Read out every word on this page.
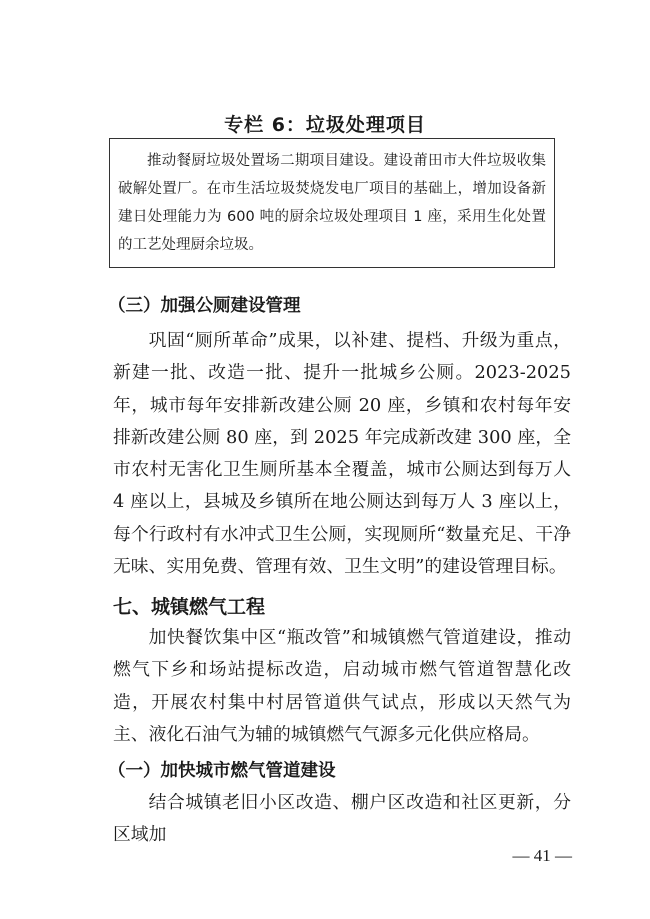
专栏 6：垃圾处理项目

推动餐厨垃圾处置场二期项目建设。建设莆田市大件垃圾收集破解处置厂。在市生活垃圾焚烧发电厂项目的基础上，增加设备新建日处理能力为 600 吨的厨余垃圾处理项目 1 座，采用生化处置的工艺处理厨余垃圾。

（三）加强公厕建设管理

巩固“厕所革命”成果，以补建、提档、升级为重点，新建一批、改造一批、提升一批城乡公厕。2023-2025 年，城市每年安排新改建公厕 20 座，乡镇和农村每年安排新改建公厕 80 座，到 2025 年完成新改建 300 座，全市农村无害化卫生厕所基本全覆盖，城市公厕达到每万人 4 座以上，县城及乡镇所在地公厕达到每万人 3 座以上，每个行政村有水冲式卫生公厕，实现厕所“数量充足、干净无味、实用免费、管理有效、卫生文明”的建设管理目标。

七、城镇燃气工程

加快餐饮集中区“瓶改管”和城镇燃气管道建设，推动燃气下乡和场站提标改造，启动城市燃气管道智慧化改造，开展农村集中村居管道供气试点，形成以天然气为主、液化石油气为辅的城镇燃气气源多元化供应格局。

（一）加快城市燃气管道建设

结合城镇老旧小区改造、棚户区改造和社区更新，分区域加

— 41 —
